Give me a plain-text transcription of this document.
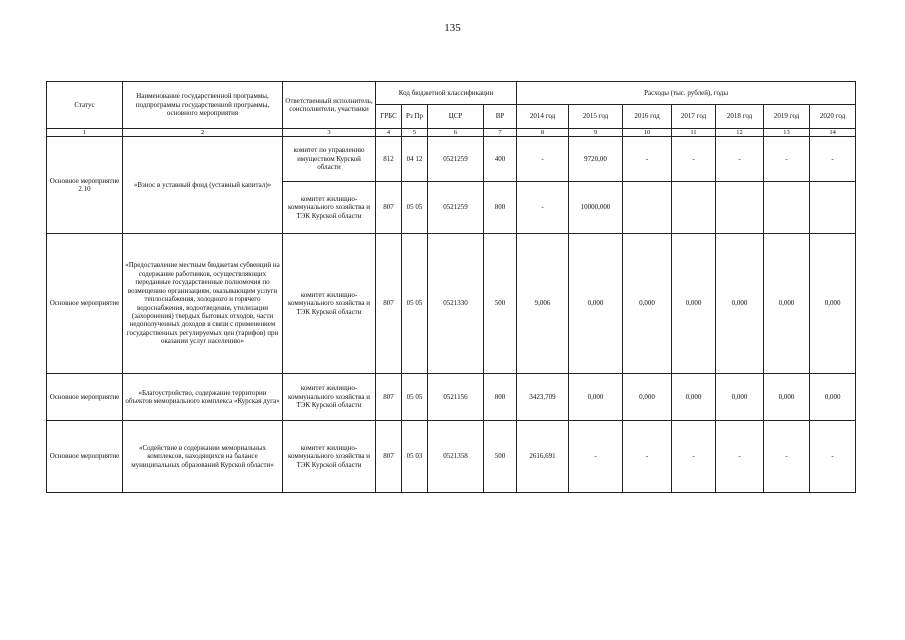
135
Статус	Наименование государственной программы, подпрограммы государственной программы, основного мероприятия	Ответственный исполнитель, соисполнители, участники	Код бюджетной классификации				Расходы (тыс. рублей), годы						
			ГРБС	Рз Пр	ЦСР	ВР	2014 год	2015 год	2016 год	2017 год	2018 год	2019 год	2020 год
1	2	3	4	5	6	7	8	9	10	11	12	13	14
Основное мероприятие 2.10	«Взнос в уставный фонд (уставный капитал)»	комитет по управлению имуществом Курской области	812	04 12	0521259	400	-	9720,00	-	-	-	-	-
		комитет жилищно-коммунального хозяйства и ТЭК Курской области	807	05 05	0521259	800	-	10000,000					
Основное мероприятие	«Предоставление местным бюджетам субвенций на содержание работников, осуществляющих переданные государственные полномочия по возмещению организациям, оказывающим услуги теплоснабжения, холодного и горячего водоснабжения, водоотведения, утилизации (захоронения) твердых бытовых отходов, части недополученных доходов в связи с применением государственных регулируемых цен (тарифов) при оказании услуг населению»	комитет жилищно-коммунального хозяйства и ТЭК Курской области	807	05 05	0521330	500	9,006	0,000	0,000	0,000	0,000	0,000	0,000
Основное мероприятие	«Благоустройство, содержание территории объектов мемориального комплекса «Курская дуга»	комитет жилищно-коммунального хозяйства и ТЭК Курской области	807	05 05	0521156	800	3423,709	0,000	0,000	0,000	0,000	0,000	0,000
Основное мероприятие	«Содействие в содержании мемориальных комплексов, находящихся на балансе муниципальных образований Курской области»	комитет жилищно-коммунального хозяйства и ТЭК Курской области	807	05 03	0521358	500	2616,691	-	-	-	-	-	-
